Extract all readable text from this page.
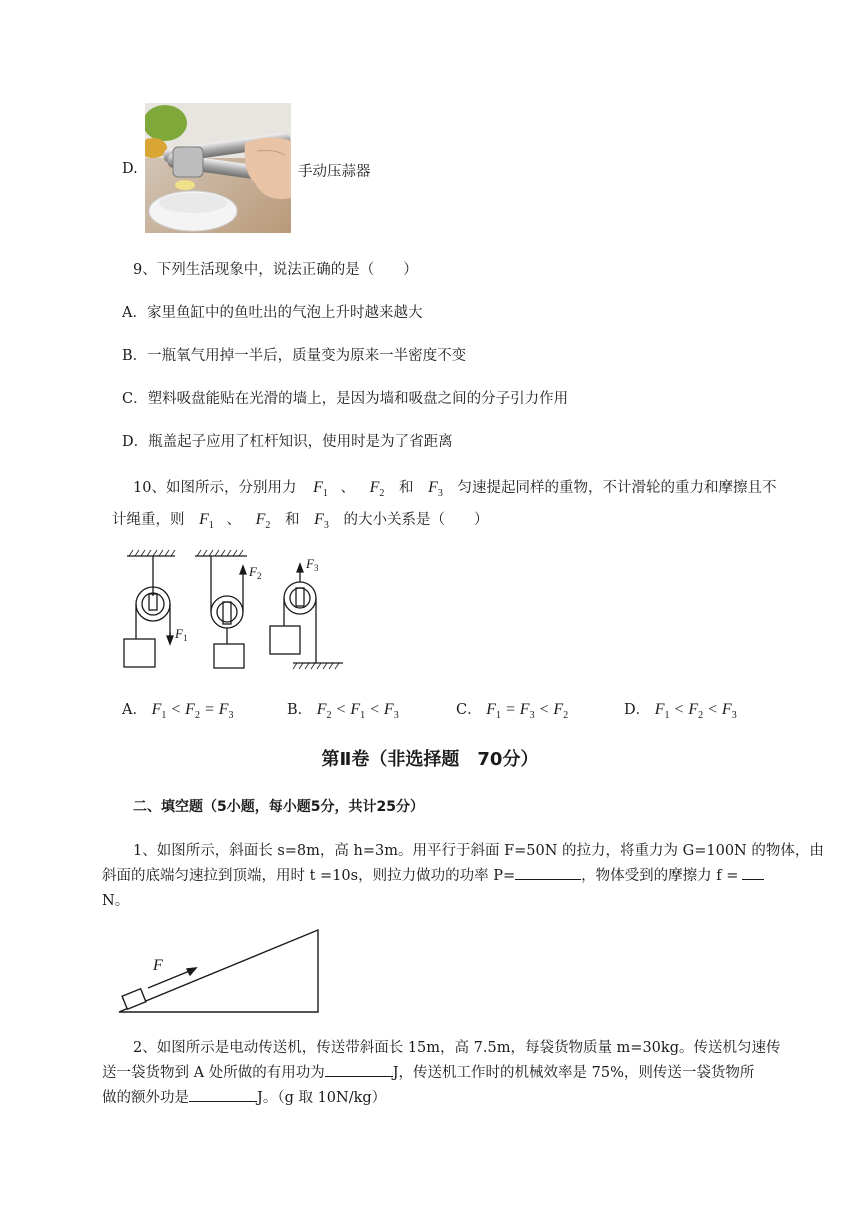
D.	手动压蒜器
9、下列生活现象中，说法正确的是（　　）
A．家里鱼缸中的鱼吐出的气泡上升时越来越大
B．一瓶氧气用掉一半后，质量变为原来一半密度不变
C．塑料吸盘能贴在光滑的墙上，是因为墙和吸盘之间的分子引力作用
D．瓶盖起子应用了杠杆知识，使用时是为了省距离
10、如图所示，分别用力 $F_1$ 、 $F_2$ 和 $F_3$ 匀速提起同样的重物，不计滑轮的重力和摩擦且不
计绳重，则 $F_1$ 、 $F_2$ 和 $F_3$ 的大小关系是（　　）
$F_1$
$F_2$
$F_3$
A． $F_1 < F_2 = F_3$	B． $F_2 < F_1 < F_3$	C． $F_1 = F_3 < F_2$	D． $F_1 < F_2 < F_3$
第Ⅱ卷（非选择题　70分）
二、填空题（5小题，每小题5分，共计25分）
1、如图所示，斜面长 s=8m，高 h=3m。用平行于斜面 F=50N 的拉力，将重力为 G=100N 的物体，由
斜面的底端匀速拉到顶端，用时 t =10s，则拉力做功的功率 P=	，物体受到的摩擦力 f =
N。
F
2、如图所示是电动传送机，传送带斜面长 15m，高 7.5m，每袋货物质量 m=30kg。传送机匀速传
送一袋货物到 A 处所做的有用功为	J，传送机工作时的机械效率是 75%，则传送一袋货物所
做的额外功是	J。（g 取 10N/kg）
